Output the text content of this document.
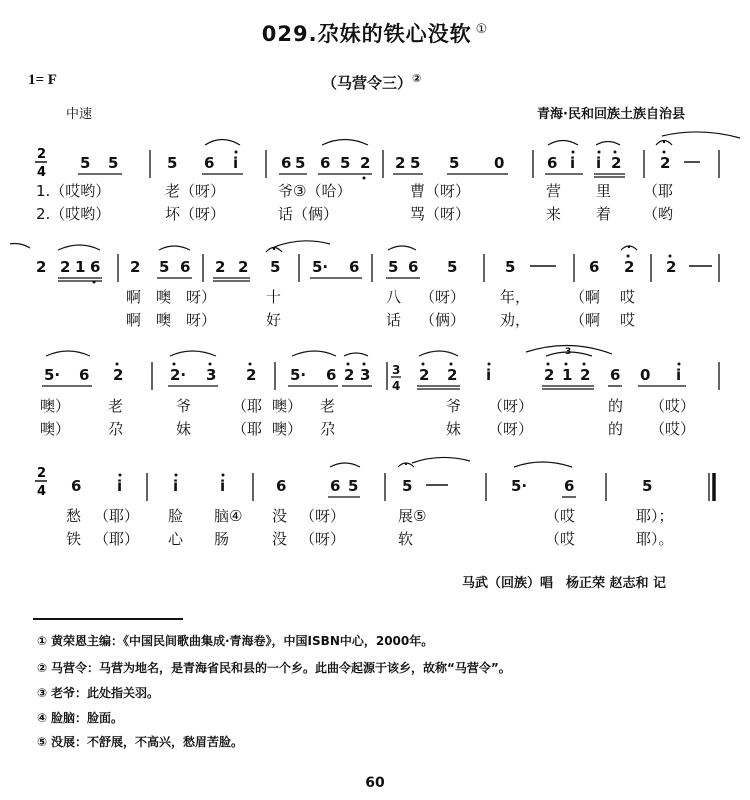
029.尕妹的铁心没软 ①
1= F	（马营令三）②
中速	青海·民和回族土族自治县
2
4
5 5	5 6 i	6 5 6 5 2 2 5 5 0	6 i i 2	2
1.（哎哟）	老（呀）	爷③（哈）	曹（呀）	营 里 （耶
2.（哎哟）	坏（呀）	话（俩）	骂（呀）	来 着 （哟
2 2 1 6 2 5 6 2 2 5 5· 6 5 6 5	5	6 2 2
啊 噢 呀）	十	八 （呀） 年，	（啊 哎
啊 噢 呀）	好	话 （俩） 劝，	（啊 哎
5· 6 2	2· 3 2 5· 6 2 3 3
4
2 2 i	2 1 2
3
6 0 i
噢）	老	爷	（耶 噢） 老	爷 （呀）	的 （哎）
噢）	尕	妹	（耶 噢） 尕	妹 （呀）	的 （哎）
2
4 6 i	i	i	6	6 5	5	5· 6	5
愁 （耶） 脸 脑④ 没 （呀）	展⑤	（哎	耶）；
铁 （耶） 心 肠	没 （呀）	软	（哎	耶）。
马武（回族）唱　杨正荣 赵志和 记
① 黄荣恩主编：《中国民间歌曲集成·青海卷》，中国ISBN中心，2000年。
② 马营令：马营为地名，是青海省民和县的一个乡。此曲令起源于该乡，故称“马营令”。
③ 老爷：此处指关羽。
④ 脸脑：脸面。
⑤ 没展：不舒展，不高兴，愁眉苦脸。
60
